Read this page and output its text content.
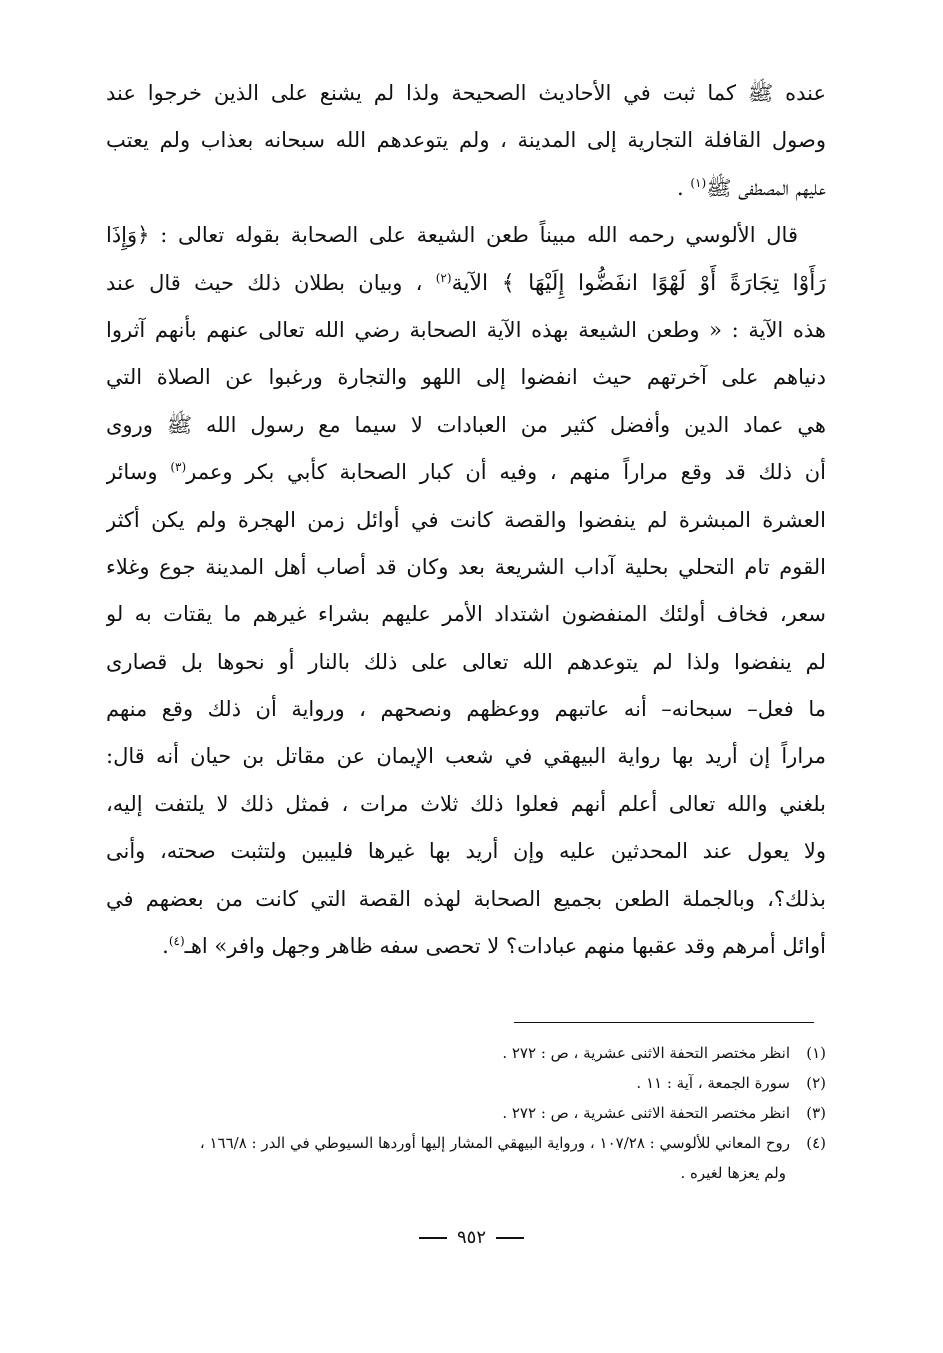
عنده ﷺ كما ثبت في الأحاديث الصحيحة ولذا لم يشنع على الذين خرجوا عند
وصول القافلة التجارية إلى المدينة ، ولم يتوعدهم الله سبحانه بعذاب ولم يعتب
عليهم المصطفى ﷺ$^{(١)}$ .
قال الألوسي رحمه الله مبيناً طعن الشيعة على الصحابة بقوله تعالى : ﴿وَإِذَا
رَأَوْا تِجَارَةً أَوْ لَهْوًا انفَضُّوا إِلَيْهَا ﴾ الآية$^{(٢)}$ ، وبيان بطلان ذلك حيث قال عند
هذه الآية : « وطعن الشيعة بهذه الآية الصحابة رضي الله تعالى عنهم بأنهم آثروا
دنياهم على آخرتهم حيث انفضوا إلى اللهو والتجارة ورغبوا عن الصلاة التي
هي عماد الدين وأفضل كثير من العبادات لا سيما مع رسول الله ﷺ وروى
أن ذلك قد وقع مراراً منهم ، وفيه أن كبار الصحابة كأبي بكر وعمر$^{(٣)}$ وسائر
العشرة المبشرة لم ينفضوا والقصة كانت في أوائل زمن الهجرة ولم يكن أكثر
القوم تام التحلي بحلية آداب الشريعة بعد وكان قد أصاب أهل المدينة جوع وغلاء
سعر، فخاف أولئك المنفضون اشتداد الأمر عليهم بشراء غيرهم ما يقتات به لو
لم ينفضوا ولذا لم يتوعدهم الله تعالى على ذلك بالنار أو نحوها بل قصارى
ما فعل– سبحانه– أنه عاتبهم ووعظهم ونصحهم ، ورواية أن ذلك وقع منهم
مراراً إن أريد بها رواية البيهقي في شعب الإيمان عن مقاتل بن حيان أنه قال:
بلغني والله تعالى أعلم أنهم فعلوا ذلك ثلاث مرات ، فمثل ذلك لا يلتفت إليه،
ولا يعول عند المحدثين عليه وإن أريد بها غيرها فليبين ولتثبت صحته، وأنى
بذلك؟، وبالجملة الطعن بجميع الصحابة لهذه القصة التي كانت من بعضهم في
أوائل أمرهم وقد عقبها منهم عبادات؟ لا تحصى سفه ظاهر وجهل وافر» اهـ$^{(٤)}$.
(١)انظر مختصر التحفة الاثنى عشرية ، ص : ٢٧٢ .
(٢)سورة الجمعة ، آية : ١١ .
(٣)انظر مختصر التحفة الاثنى عشرية ، ص : ٢٧٢ .
(٤)روح المعاني للألوسي : ١٠٧/٢٨ ، ورواية البيهقي المشار إليها أوردها السيوطي في الدر : ١٦٦/٨ ،
ولم يعزها لغيره .
٩٥٢
